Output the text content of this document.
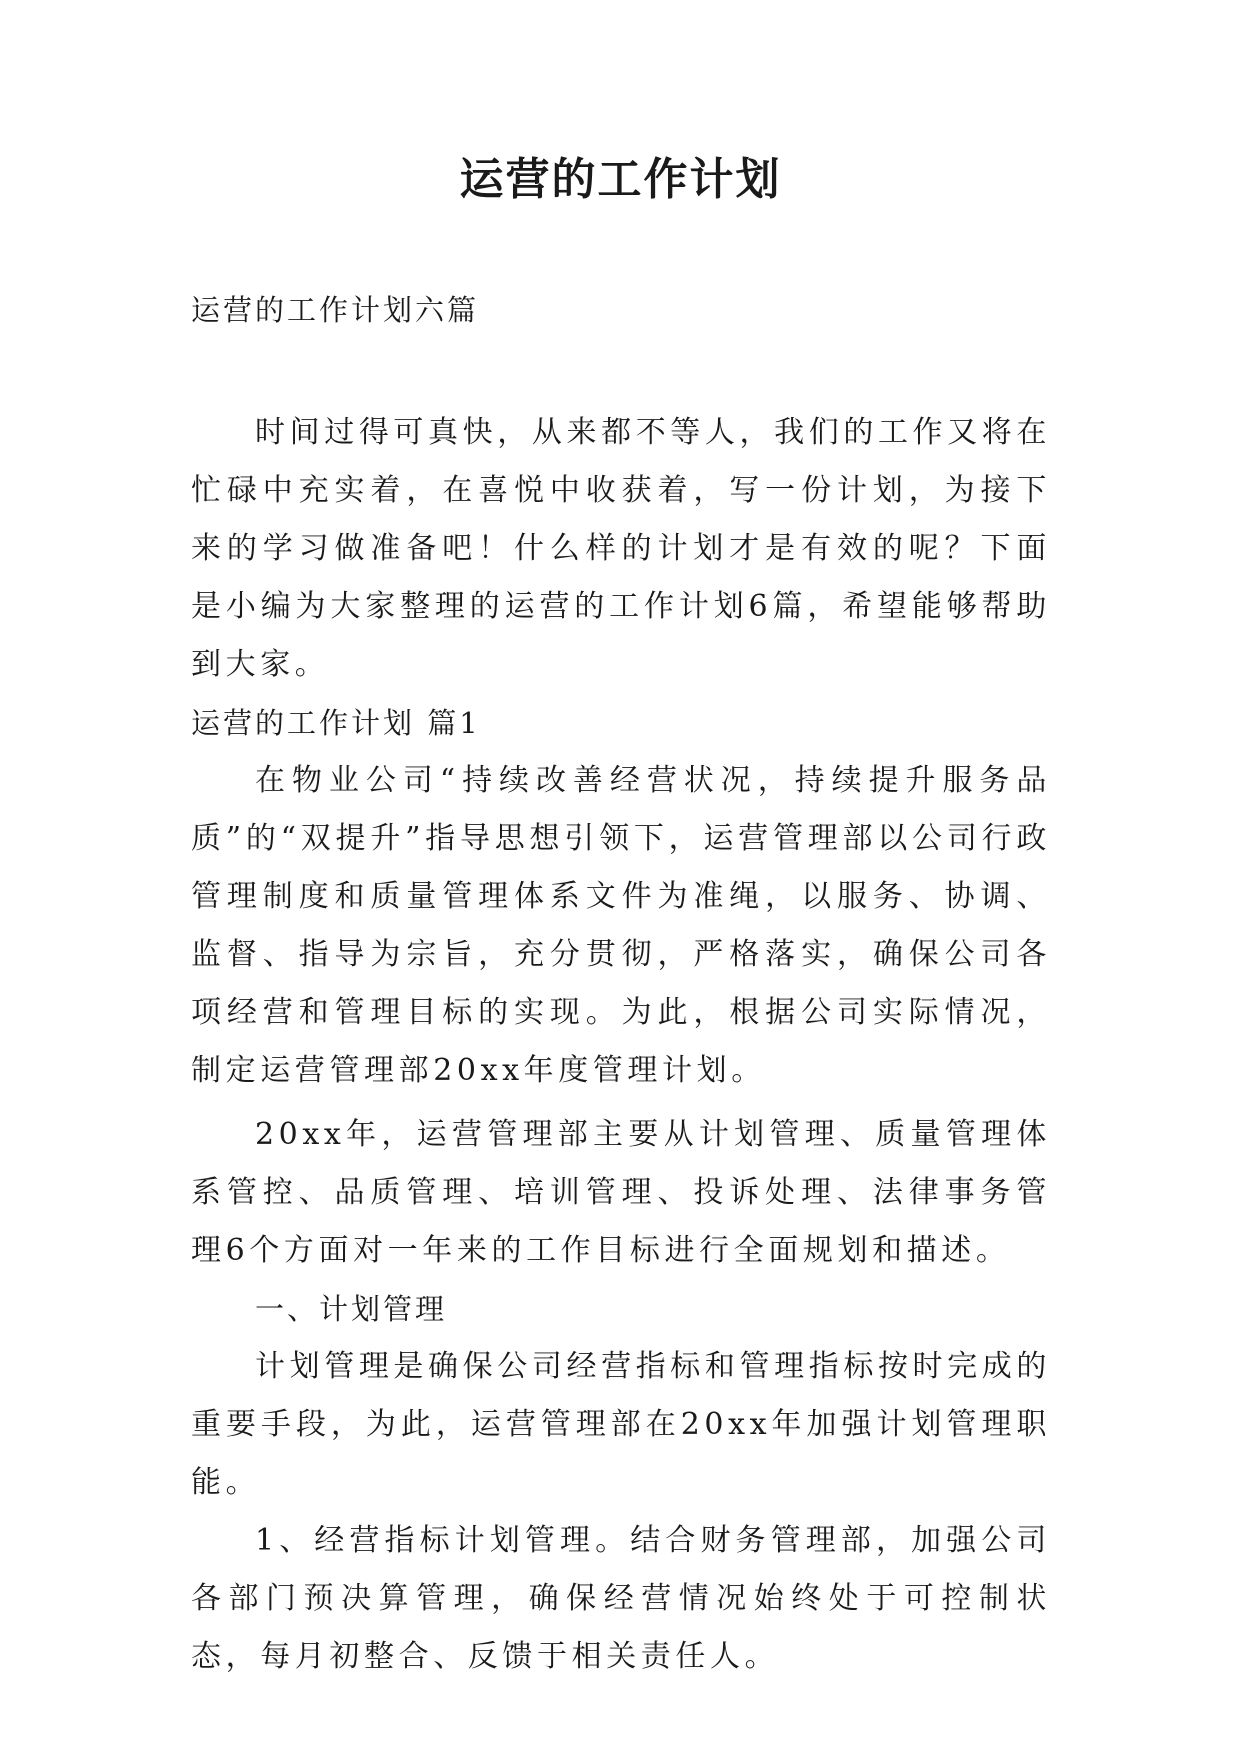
运营的工作计划

运营的工作计划六篇

时间过得可真快，从来都不等人，我们的工作又将在忙碌中充实着，在喜悦中收获着，写一份计划，为接下来的学习做准备吧！什么样的计划才是有效的呢？下面是小编为大家整理的运营的工作计划6篇，希望能够帮助到大家。

运营的工作计划 篇1

在物业公司“持续改善经营状况，持续提升服务品质”的“双提升”指导思想引领下，运营管理部以公司行政管理制度和质量管理体系文件为准绳，以服务、协调、监督、指导为宗旨，充分贯彻，严格落实，确保公司各项经营和管理目标的实现。为此，根据公司实际情况，制定运营管理部20xx年度管理计划。

20xx年，运营管理部主要从计划管理、质量管理体系管控、品质管理、培训管理、投诉处理、法律事务管理6个方面对一年来的工作目标进行全面规划和描述。

一、计划管理

计划管理是确保公司经营指标和管理指标按时完成的重要手段，为此，运营管理部在20xx年加强计划管理职能。

1、经营指标计划管理。结合财务管理部，加强公司各部门预决算管理，确保经营情况始终处于可控制状态，每月初整合、反馈于相关责任人。
